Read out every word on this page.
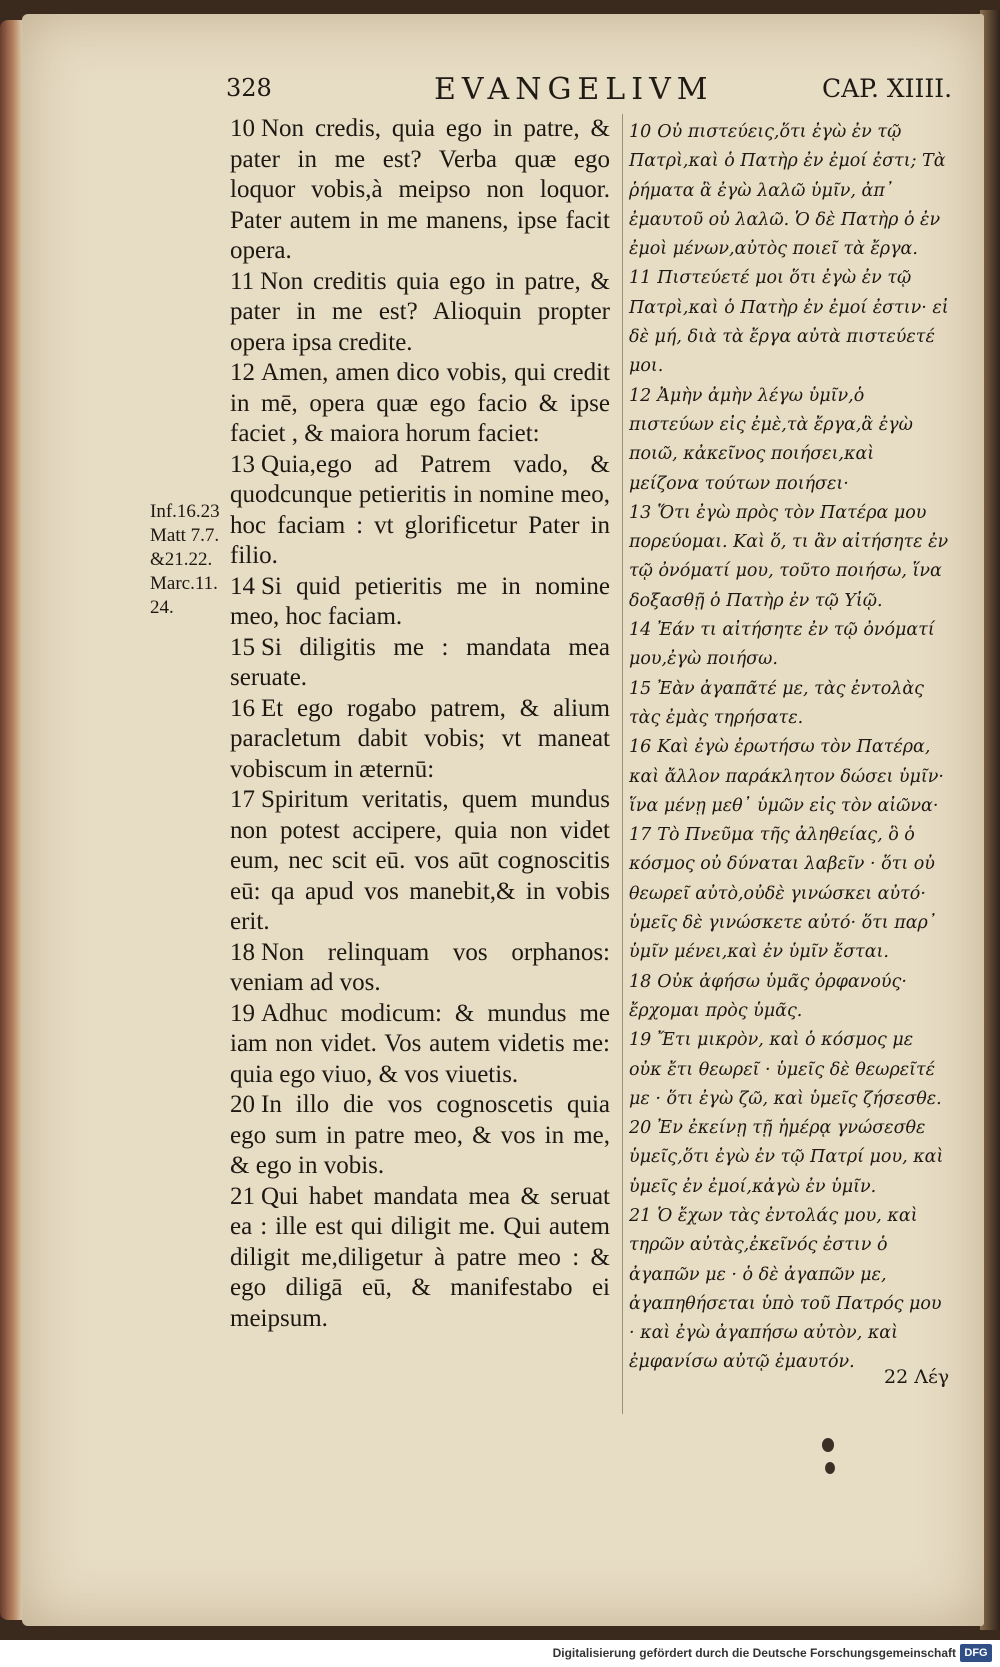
328	EVANGELIVM	CAP. XIIII.
Inf.16.23
Matt 7.7.
&21.22.
Marc.11.
24.

10 Non credis, quia ego in patre, & pater in me est? Verba quæ ego loquor vobis,à meipso non loquor. Pater autem in me manens, ipse facit opera.

11 Non creditis quia ego in patre, & pater in me est? Alioquin propter opera ipsa credite.

12 Amen, amen dico vobis, qui credit in mē, opera quæ ego facio & ipse faciet , & maiora horum faciet:

13 Quia,ego ad Patrem vado, & quodcunque petieritis in nomine meo, hoc faciam : vt glorificetur Pater in filio.

14 Si quid petieritis me in nomine meo, hoc faciam.

15 Si diligitis me : mandata mea seruate.

16 Et ego rogabo patrem, & alium paracletum dabit vobis; vt maneat vobiscum in æternū:

17 Spiritum veritatis, quem mundus non potest accipere, quia non videt eum, nec scit eū. vos aūt cognoscitis eū: qa apud vos manebit,& in vobis erit.

18 Non relinquam vos orphanos: veniam ad vos.

19 Adhuc modicum: & mundus me iam non videt. Vos autem videtis me: quia ego viuo, & vos viuetis.

20 In illo die vos cognoscetis quia ego sum in patre meo, & vos in me, & ego in vobis.

21 Qui habet mandata mea & seruat ea : ille est qui diligit me. Qui autem diligit me,diligetur à patre meo : & ego diligā eū, & manifestabo ei meipsum.

10 Οὐ πιστεύεις,ὅτι ἐγὼ ἐν τῷ Πατρὶ,καὶ ὁ Πατὴρ ἐν ἐμοί ἐστι; Τὰ ῥήματα ἃ ἐγὼ λαλῶ ὑμῖν, ἀπ᾽ ἐμαυτοῦ οὐ λαλῶ. Ὁ δὲ Πατὴρ ὁ ἐν ἐμοὶ μένων,αὐτὸς ποιεῖ τὰ ἔργα.

11 Πιστεύετέ μοι ὅτι ἐγὼ ἐν τῷ Πατρὶ,καὶ ὁ Πατὴρ ἐν ἐμοί ἐστιν· εἰ δὲ μή, διὰ τὰ ἔργα αὐτὰ πιστεύετέ μοι.

12 Ἀμὴν ἀμὴν λέγω ὑμῖν,ὁ πιστεύων εἰς ἐμὲ,τὰ ἔργα,ἃ ἐγὼ ποιῶ, κἀκεῖνος ποιήσει,καὶ μείζονα τούτων ποιήσει·

13 Ὅτι ἐγὼ πρὸς τὸν Πατέρα μου πορεύομαι. Καὶ ὅ, τι ἂν αἰτήσητε ἐν τῷ ὀνόματί μου, τοῦτο ποιήσω, ἵνα δοξασθῇ ὁ Πατὴρ ἐν τῷ Υἱῷ.

14 Ἐάν τι αἰτήσητε ἐν τῷ ὀνόματί μου,ἐγὼ ποιήσω.

15 Ἐὰν ἀγαπᾶτέ με, τὰς ἐντολὰς τὰς ἐμὰς τηρήσατε.

16 Καὶ ἐγὼ ἐρωτήσω τὸν Πατέρα, καὶ ἄλλον παράκλητον δώσει ὑμῖν· ἵνα μένῃ μεθ᾽ ὑμῶν εἰς τὸν αἰῶνα·

17 Τὸ Πνεῦμα τῆς ἀληθείας, ὃ ὁ κόσμος οὐ δύναται λαβεῖν · ὅτι οὐ θεωρεῖ αὐτὸ,οὐδὲ γινώσκει αὐτό· ὑμεῖς δὲ γινώσκετε αὐτό· ὅτι παρ᾽ ὑμῖν μένει,καὶ ἐν ὑμῖν ἔσται.

18 Οὐκ ἀφήσω ὑμᾶς ὀρφανούς· ἔρχομαι πρὸς ὑμᾶς.

19 Ἔτι μικρὸν, καὶ ὁ κόσμος με οὐκ ἔτι θεωρεῖ · ὑμεῖς δὲ θεωρεῖτέ με · ὅτι ἐγὼ ζῶ, καὶ ὑμεῖς ζήσεσθε.

20 Ἐν ἐκείνῃ τῇ ἡμέρᾳ γνώσεσθε ὑμεῖς,ὅτι ἐγὼ ἐν τῷ Πατρί μου, καὶ ὑμεῖς ἐν ἐμοί,κἀγὼ ἐν ὑμῖν.

21 Ὁ ἔχων τὰς ἐντολάς μου, καὶ τηρῶν αὐτὰς,ἐκεῖνός ἐστιν ὁ ἀγαπῶν με · ὁ δὲ ἀγαπῶν με, ἀγαπηθήσεται ὑπὸ τοῦ Πατρός μου · καὶ ἐγὼ ἀγαπήσω αὐτὸν, καὶ ἐμφανίσω αὐτῷ ἐμαυτόν.

22 Λέγ
Digitalisierung gefördert durch die Deutsche Forschungsgemeinschaft DFG
